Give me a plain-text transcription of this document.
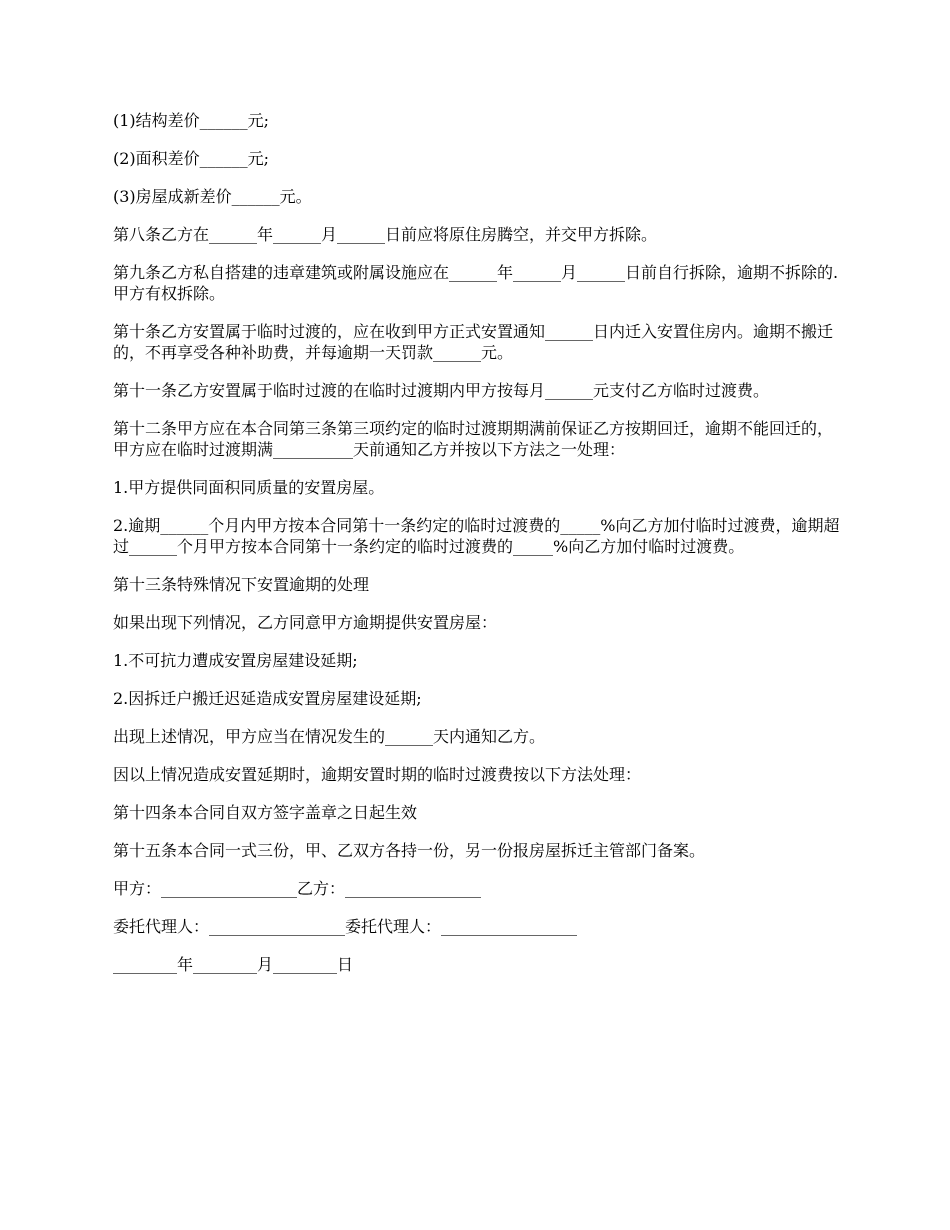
(1)结构差价______元;

(2)面积差价______元;

(3)房屋成新差价______元。

第八条乙方在______年______月______日前应将原住房腾空，并交甲方拆除。

第九条乙方私自搭建的违章建筑或附属设施应在______年______月______日前自行拆除，逾期不拆除的.甲方有权拆除。

第十条乙方安置属于临时过渡的，应在收到甲方正式安置通知______日内迁入安置住房内。逾期不搬迁的，不再享受各种补助费，并每逾期一天罚款______元。

第十一条乙方安置属于临时过渡的在临时过渡期内甲方按每月______元支付乙方临时过渡费。

第十二条甲方应在本合同第三条第三项约定的临时过渡期期满前保证乙方按期回迁，逾期不能回迁的，甲方应在临时过渡期满__________天前通知乙方并按以下方法之一处理：

1.甲方提供同面积同质量的安置房屋。

2.逾期______个月内甲方按本合同第十一条约定的临时过渡费的_____%向乙方加付临时过渡费，逾期超过______个月甲方按本合同第十一条约定的临时过渡费的_____%向乙方加付临时过渡费。

第十三条特殊情况下安置逾期的处理

如果出现下列情况，乙方同意甲方逾期提供安置房屋：

1.不可抗力遭成安置房屋建设延期;

2.因拆迁户搬迁迟延造成安置房屋建设延期;

出现上述情况，甲方应当在情况发生的______天内通知乙方。

因以上情况造成安置延期时，逾期安置时期的临时过渡费按以下方法处理：

第十四条本合同自双方签字盖章之日起生效

第十五条本合同一式三份，甲、乙双方各持一份，另一份报房屋拆迁主管部门备案。

甲方：_________________乙方：_________________

委托代理人：_________________委托代理人：_________________

________年________月________日
